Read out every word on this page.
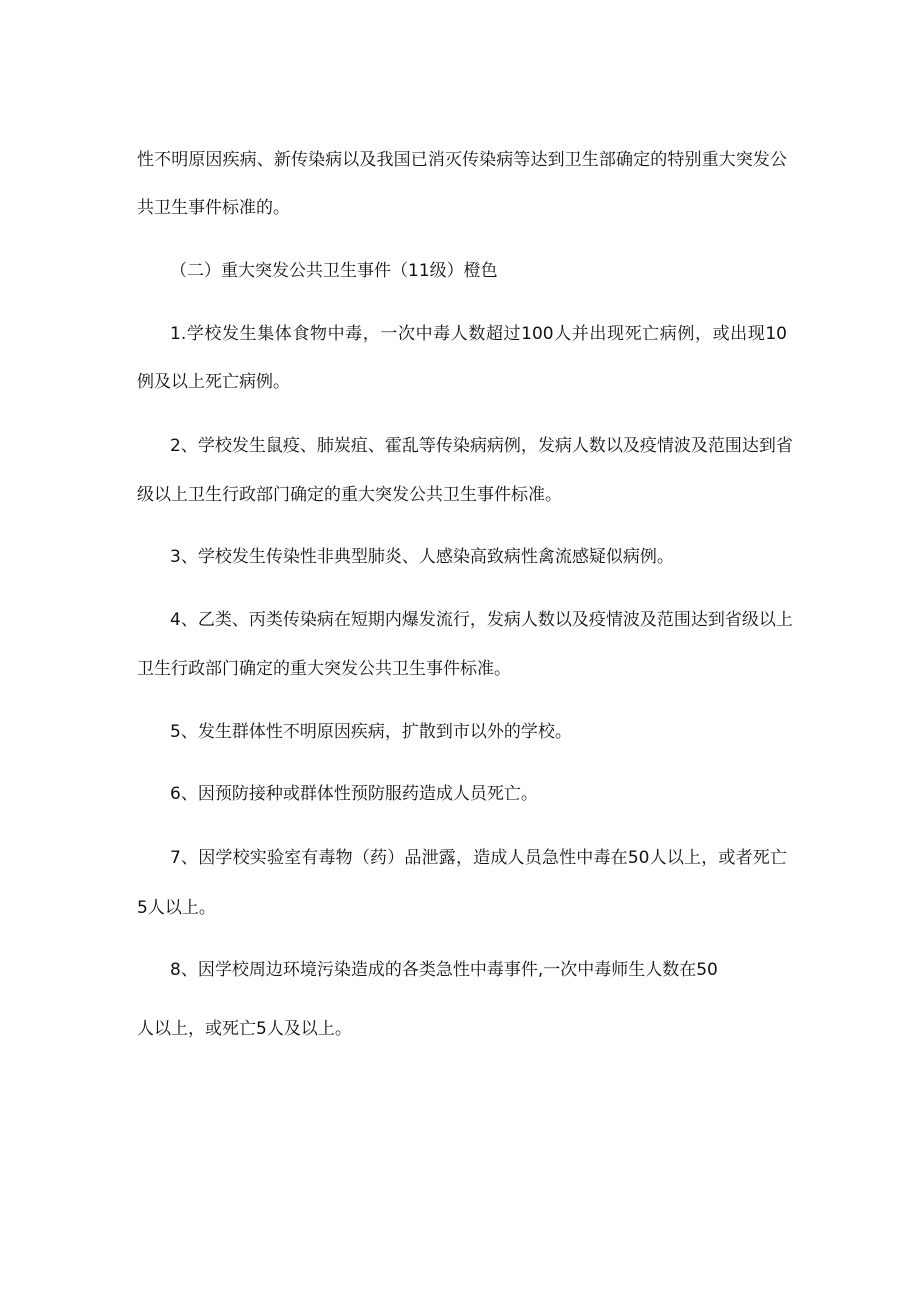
性不明原因疾病、新传染病以及我国已消灭传染病等达到卫生部确定的特别重大突发公
共卫生事件标准的。
（二）重大突发公共卫生事件（11级）橙色
1.学校发生集体食物中毒，一次中毒人数超过100人并出现死亡病例，或出现10
例及以上死亡病例。
2、学校发生鼠疫、肺炭疽、霍乱等传染病病例，发病人数以及疫情波及范围达到省
级以上卫生行政部门确定的重大突发公共卫生事件标准。
3、学校发生传染性非典型肺炎、人感染高致病性禽流感疑似病例。
4、乙类、丙类传染病在短期内爆发流行，发病人数以及疫情波及范围达到省级以上
卫生行政部门确定的重大突发公共卫生事件标准。
5、发生群体性不明原因疾病，扩散到市以外的学校。
6、因预防接种或群体性预防服药造成人员死亡。
7、因学校实验室有毒物（药）品泄露，造成人员急性中毒在50人以上，或者死亡
5人以上。
8、因学校周边环境污染造成的各类急性中毒事件,一次中毒师生人数在50
人以上，或死亡5人及以上。
